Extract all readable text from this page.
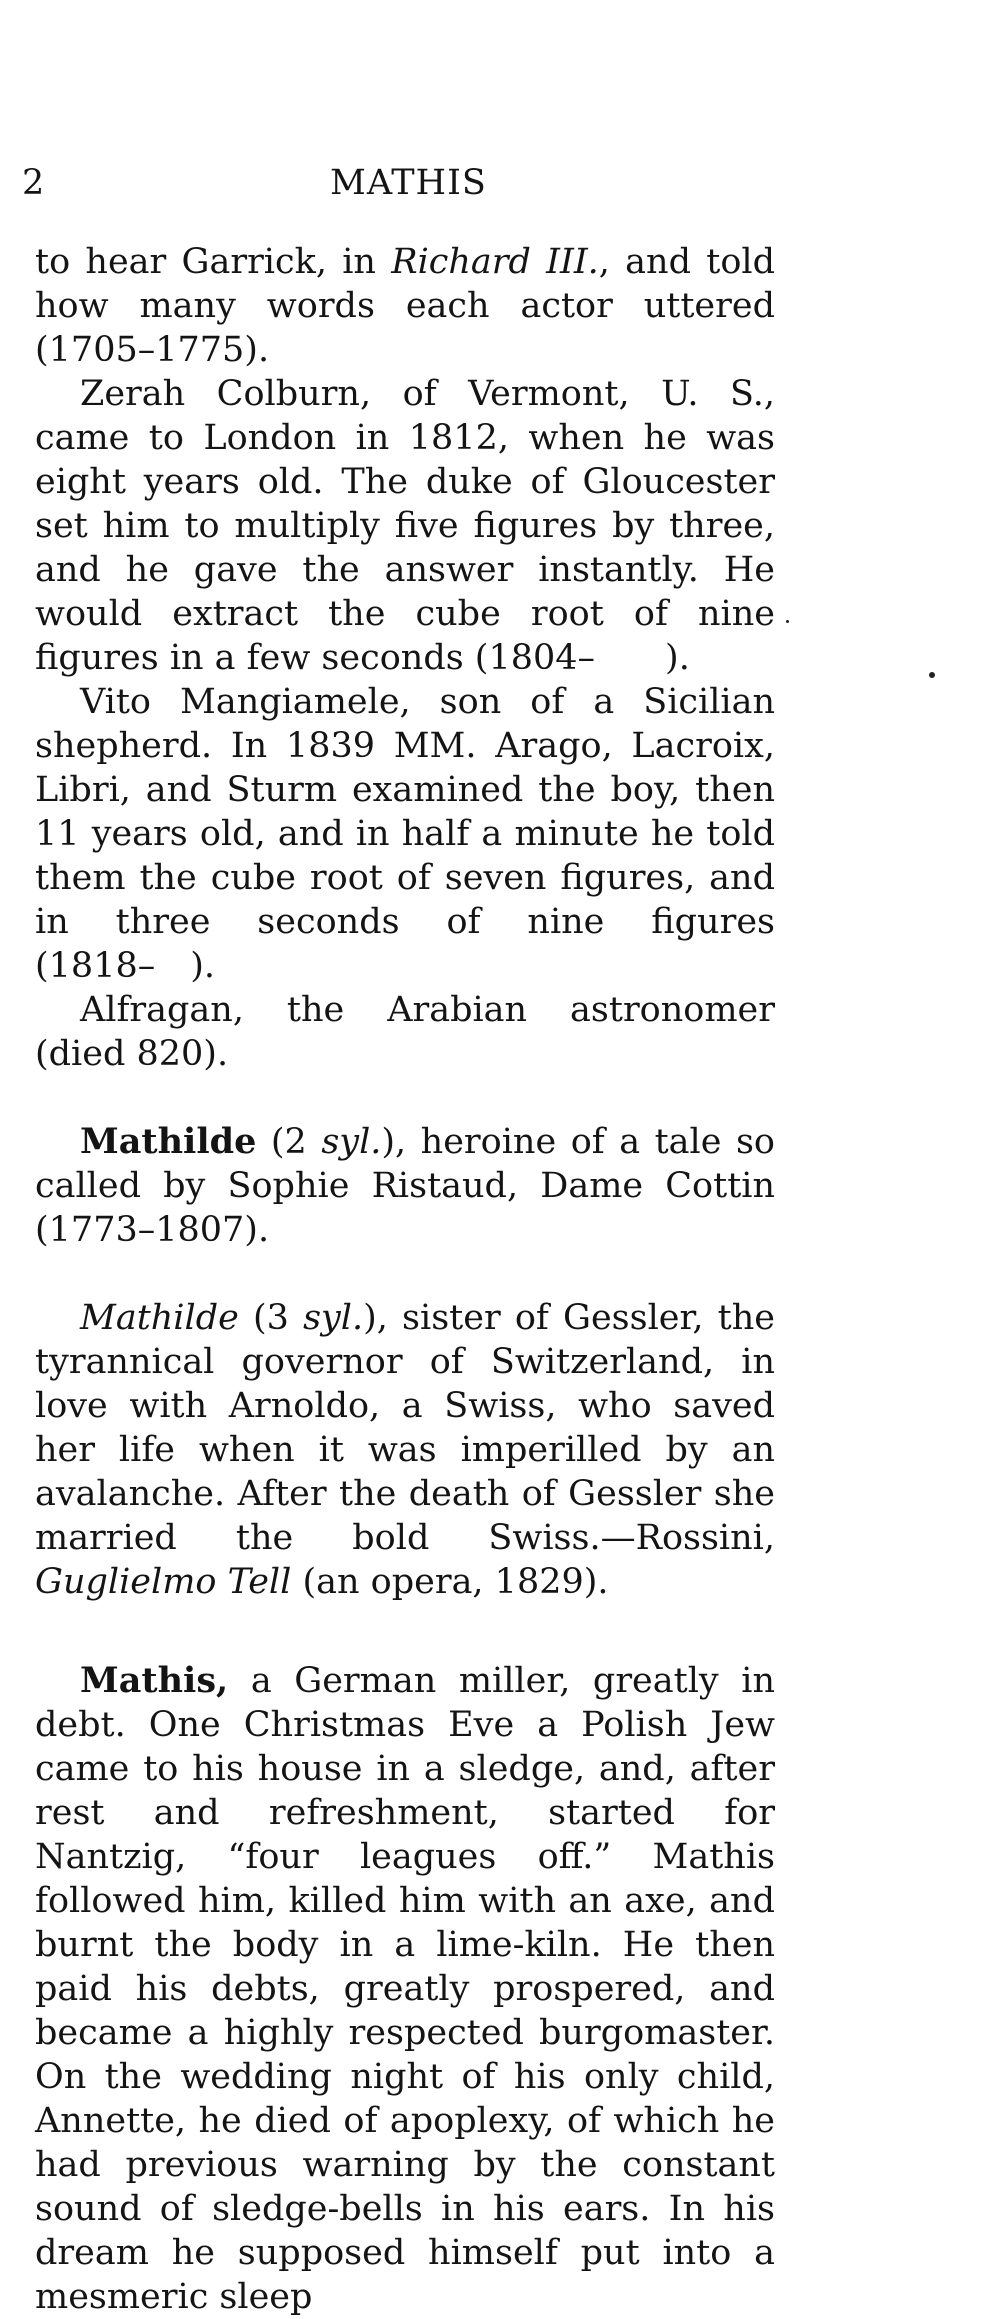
2	MATHIS

to hear Garrick, in Richard III., and told how many words each actor uttered (1705–1775).

Zerah Colburn, of Vermont, U. S., came to London in 1812, when he was eight years old. The duke of Gloucester set him to multiply five figures by three, and he gave the answer instantly. He would extract the cube root of nine figures in a few seconds (1804–  ).

Vito Mangiamele, son of a Sicilian shepherd. In 1839 MM. Arago, Lacroix, Libri, and Sturm examined the boy, then 11 years old, and in half a minute he told them the cube root of seven figures, and in three seconds of nine figures (1818– ).

Alfragan, the Arabian astronomer (died 820).

Mathilde (2 syl.), heroine of a tale so called by Sophie Ristaud, Dame Cottin (1773–1807).

Mathilde (3 syl.), sister of Gessler, the tyrannical governor of Switzerland, in love with Arnoldo, a Swiss, who saved her life when it was imperilled by an avalanche. After the death of Gessler she married the bold Swiss.—Rossini, Guglielmo Tell (an opera, 1829).

Mathis, a German miller, greatly in debt. One Christmas Eve a Polish Jew came to his house in a sledge, and, after rest and refreshment, started for Nantzig, “four leagues off.” Mathis followed him, killed him with an axe, and burnt the body in a lime-kiln. He then paid his debts, greatly prospered, and became a highly respected burgomaster. On the wedding night of his only child, Annette, he died of apoplexy, of which he had previous warning by the constant sound of sledge-bells in his ears. In his dream he supposed himself put into a mesmeric sleep
